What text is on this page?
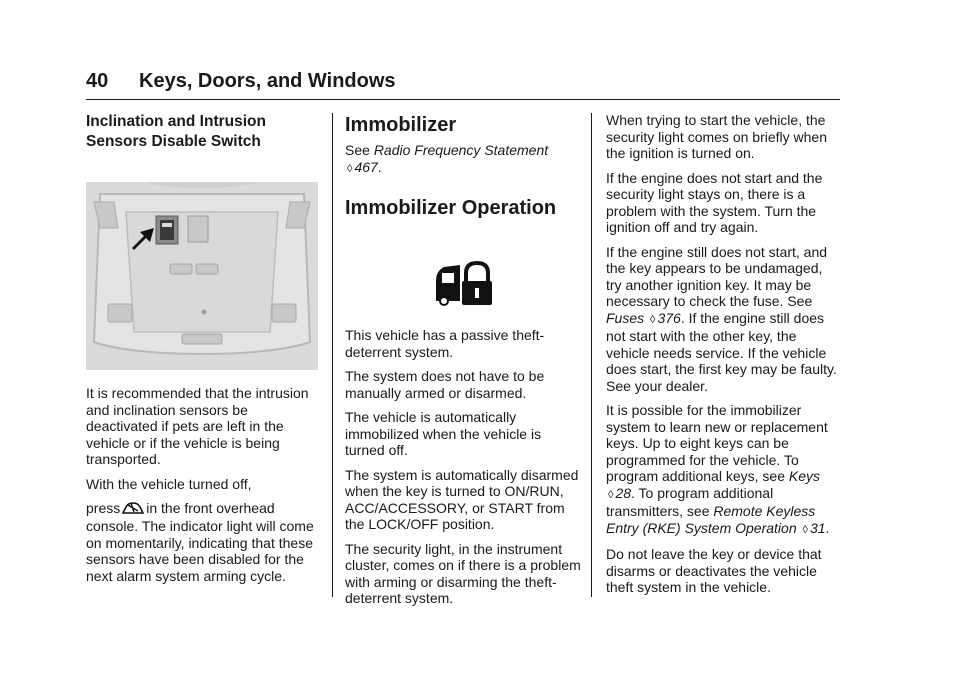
40 Keys, Doors, and Windows
Inclination and Intrusion
Sensors Disable Switch

It is recommended that the intrusion and inclination sensors be deactivated if pets are left in the vehicle or if the vehicle is being transported.

With the vehicle turned off,

press in the front overhead console. The indicator light will come on momentarily, indicating that these sensors have been disabled for the next alarm system arming cycle.

Immobilizer

See Radio Frequency Statement ◊ 467.

Immobilizer Operation

This vehicle has a passive theft-deterrent system.

The system does not have to be manually armed or disarmed.

The vehicle is automatically immobilized when the vehicle is turned off.

The system is automatically disarmed when the key is turned to ON/RUN, ACC/ACCESSORY, or START from the LOCK/OFF position.

The security light, in the instrument cluster, comes on if there is a problem with arming or disarming the theft-deterrent system.

When trying to start the vehicle, the security light comes on briefly when the ignition is turned on.

If the engine does not start and the security light stays on, there is a problem with the system. Turn the ignition off and try again.

If the engine still does not start, and the key appears to be undamaged, try another ignition key. It may be necessary to check the fuse. See Fuses ◊ 376. If the engine still does not start with the other key, the vehicle needs service. If the vehicle does start, the first key may be faulty. See your dealer.

It is possible for the immobilizer system to learn new or replacement keys. Up to eight keys can be programmed for the vehicle. To program additional keys, see Keys ◊ 28. To program additional transmitters, see Remote Keyless Entry (RKE) System Operation ◊ 31.

Do not leave the key or device that disarms or deactivates the vehicle theft system in the vehicle.
